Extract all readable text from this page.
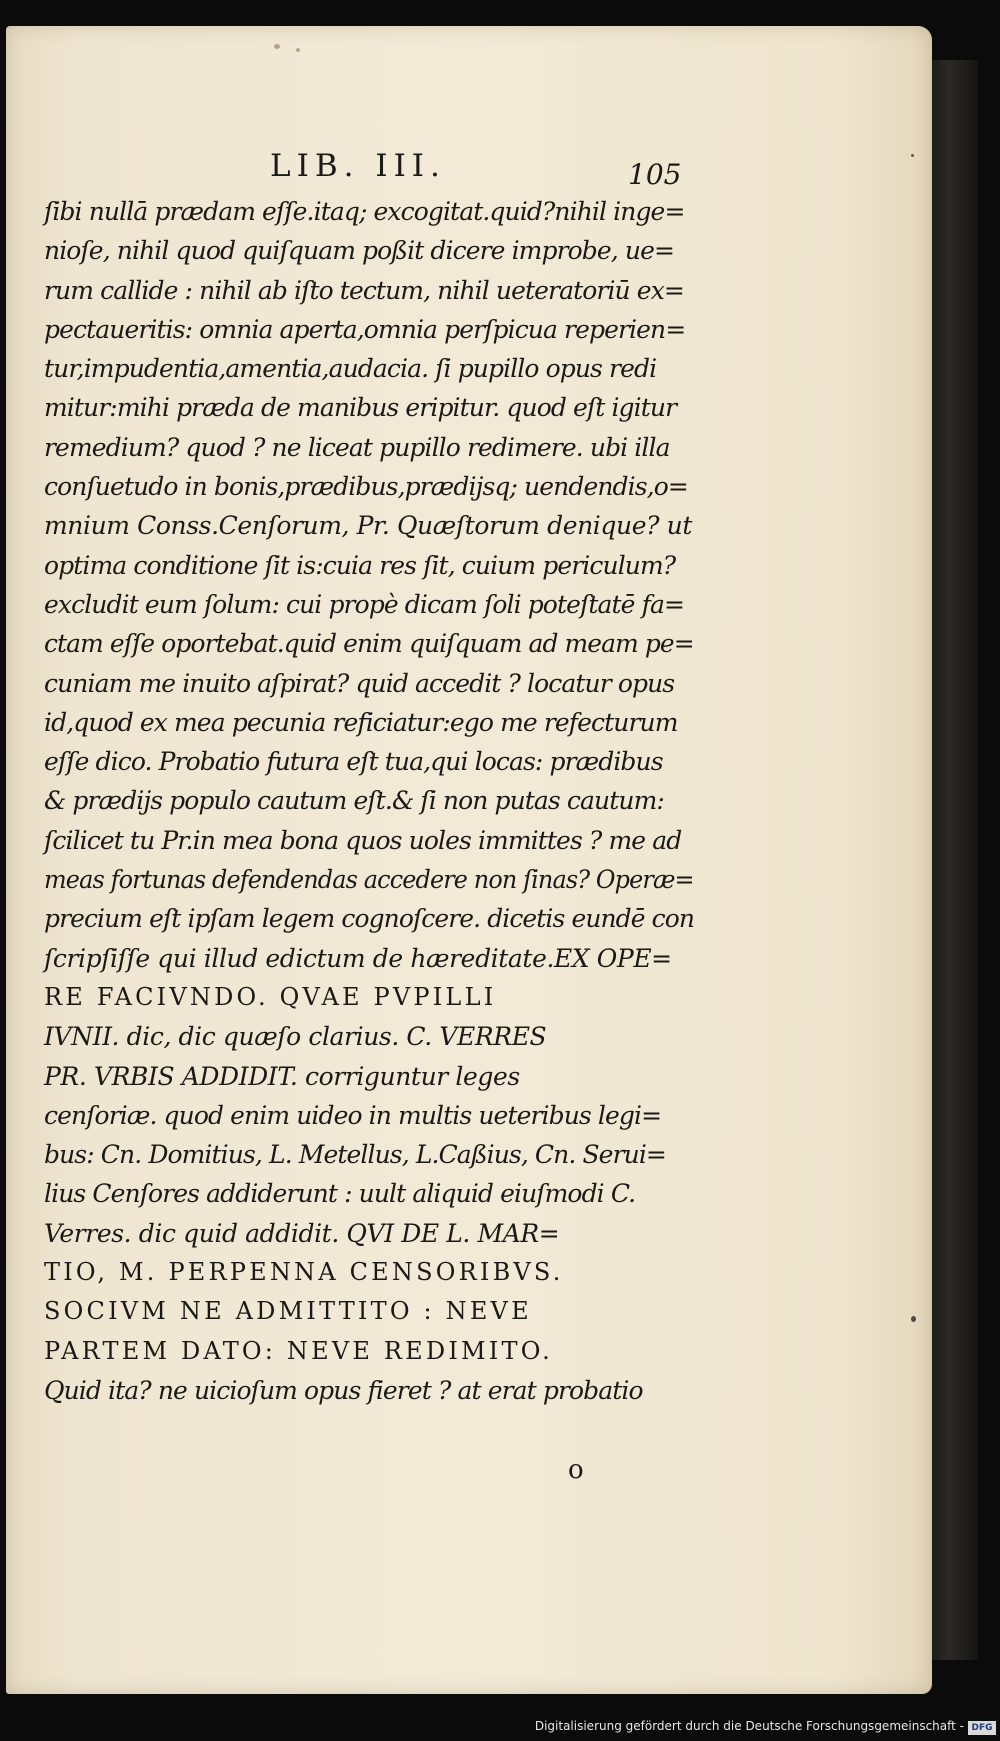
LIB. III.	105
ſibi nullā prædam eſſe.itaq; excogitat.quid?nihil inge=
nioſe, nihil quod quiſquam poßit dicere improbe, ue=
rum callide : nihil ab iſto tectum, nihil ueteratoriū ex=
pectaueritis: omnia aperta,omnia perſpicua reperien=
tur,impudentia,amentia,audacia. ſi pupillo opus redi
mitur:mihi præda de manibus eripitur. quod eſt igitur
remedium? quod ? ne liceat pupillo redimere. ubi illa
conſuetudo in bonis,prædibus,prædijsq; uendendis,o=
mnium Conss.Cenſorum, Pr. Quæſtorum denique? ut
optima conditione ſit is:cuia res ſit, cuium periculum?
excludit eum ſolum: cui propè dicam ſoli poteſtatē fa=
ctam eſſe oportebat.quid enim quiſquam ad meam pe=
cuniam me inuito aſpirat? quid accedit ? locatur opus
id,quod ex mea pecunia reficiatur:ego me refecturum
eſſe dico. Probatio futura eſt tua,qui locas: prædibus
& prædijs populo cautum eſt.& ſi non putas cautum:
ſcilicet tu Pr.in mea bona quos uoles immittes ? me ad
meas fortunas defendendas accedere non ſinas? Operæ=
precium eſt ipſam legem cognoſcere. dicetis eundē con
ſcripſiſſe qui illud edictum de hæreditate.EX OPE=
RE FACIVNDO. QVAE PVPILLI
IVNII. dic, dic quæſo clarius. C. VERRES
PR. VRBIS ADDIDIT. corriguntur leges
cenſoriæ. quod enim uideo in multis ueteribus legi=
bus: Cn. Domitius, L. Metellus, L.Caßius, Cn. Serui=
lius Cenſores addiderunt : uult aliquid eiuſmodi C.
Verres. dic quid addidit. QVI DE L. MAR=
TIO, M. PERPENNA CENSORIBVS.
SOCIVM NE ADMITTITO : NEVE
PARTEM DATO: NEVE REDIMITO.
Quid ita? ne uicioſum opus fieret ? at erat probatio
o
Digitalisierung gefördert durch die Deutsche Forschungsgemeinschaft - DFG
